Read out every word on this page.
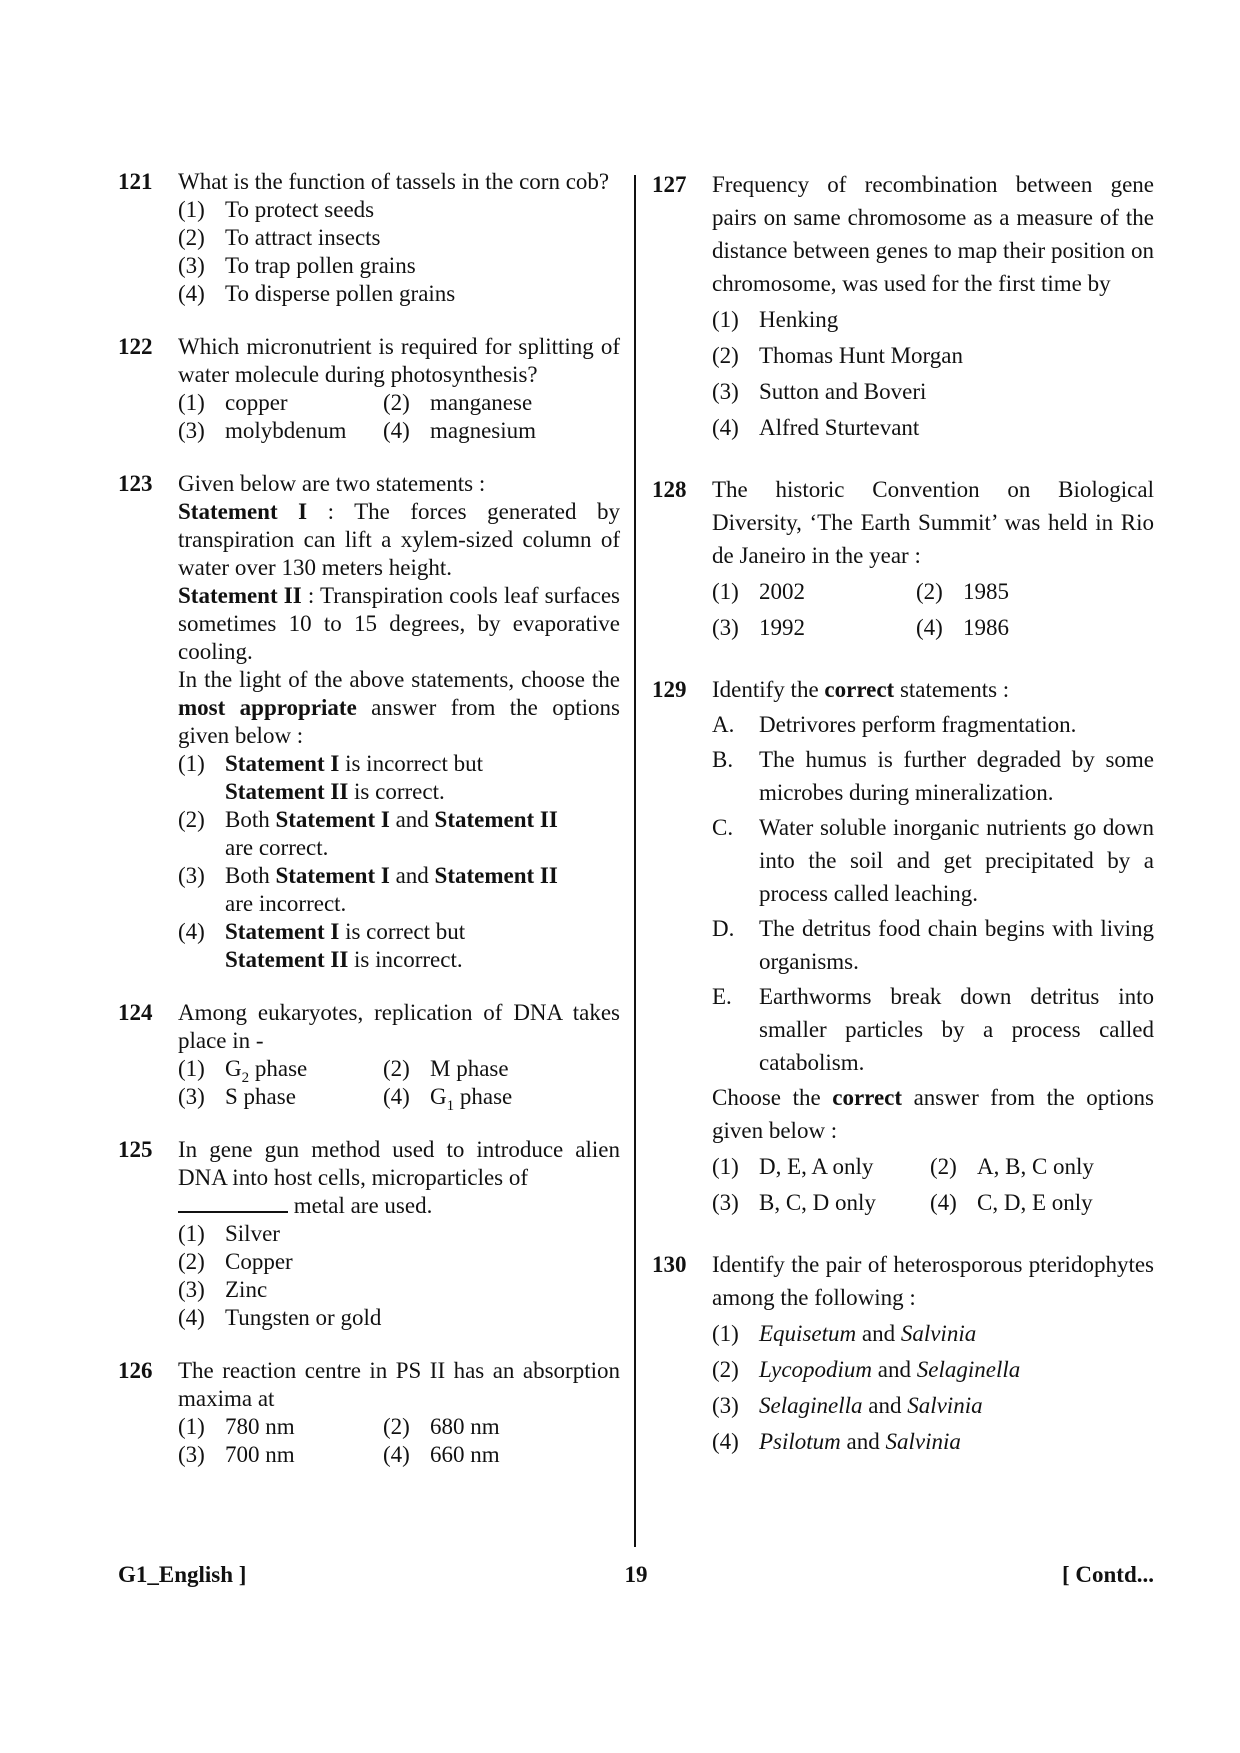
121 What is the function of tassels in the corn cob?
(1) To protect seeds
(2) To attract insects
(3) To trap pollen grains
(4) To disperse pollen grains
122 Which micronutrient is required for splitting of water molecule during photosynthesis?
(1) copper	(2) manganese
(3) molybdenum	(4) magnesium
123 Given below are two statements :
Statement I : The forces generated by transpiration can lift a xylem-sized column of water over 130 meters height.
Statement II : Transpiration cools leaf surfaces sometimes 10 to 15 degrees, by evaporative cooling.
In the light of the above statements, choose the most appropriate answer from the options given below :
(1) Statement I is incorrect but
Statement II is correct.
(2) Both Statement I and Statement II
are correct.
(3) Both Statement I and Statement II
are incorrect.
(4) Statement I is correct but
Statement II is incorrect.
124 Among eukaryotes, replication of DNA takes place in -
(1) $G_2$ phase	(2) M phase
(3) S phase	(4) $G_1$ phase
125 In gene gun method used to introduce alien DNA into host cells, microparticles of
metal are used.
(1) Silver
(2) Copper
(3) Zinc
(4) Tungsten or gold
126 The reaction centre in PS II has an absorption maxima at
(1) 780 nm	(2) 680 nm
(3) 700 nm	(4) 660 nm
127 Frequency of recombination between gene pairs on same chromosome as a measure of the distance between genes to map their position on chromosome, was used for the first time by
(1) Henking
(2) Thomas Hunt Morgan
(3) Sutton and Boveri
(4) Alfred Sturtevant
128 The historic Convention on Biological Diversity, ‘The Earth Summit’ was held in Rio de Janeiro in the year :
(1) 2002	(2) 1985
(3) 1992	(4) 1986
129 Identify the correct statements :
A. Detrivores perform fragmentation.
B. The humus is further degraded by some microbes during mineralization.
C. Water soluble inorganic nutrients go down into the soil and get precipitated by a process called leaching.
D. The detritus food chain begins with living organisms.
E. Earthworms break down detritus into smaller particles by a process called catabolism.
Choose the correct answer from the options given below :
(1) D, E, A only	(2) A, B, C only
(3) B, C, D only	(4) C, D, E only
130 Identify the pair of heterosporous pteridophytes among the following :
(1) Equisetum and Salvinia
(2) Lycopodium and Selaginella
(3) Selaginella and Salvinia
(4) Psilotum and Salvinia
G1_English ]	19	[ Contd...
